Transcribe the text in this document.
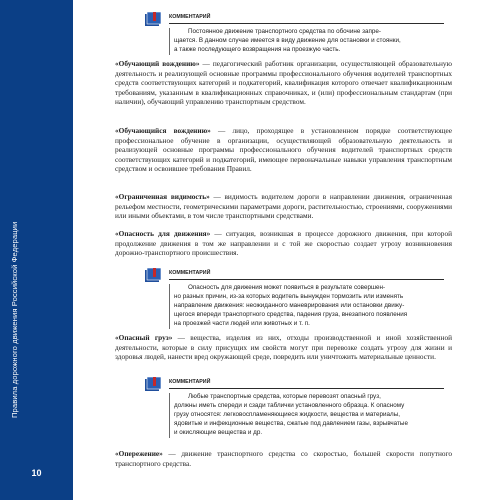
Правила дорожного движения Российской Федерации
10
КОММЕНТАРИЙ
Постоянное движение транспортного средства по обочине запре-
щается. В данном случае имеется в виду движение для остановки и стоянки,
а также последующего возвращения на проезжую часть.

«Обучающий вождению» — педагогический работник организации, осуществляющей образовательную деятельность и реализующей основные программы профессионального обучения водителей транспортных средств соответствующих категорий и подкатегорий, квалификация которого отвечает квалификационным требованиям, указанным в квалификационных справочниках, и (или) профессиональным стандартам (при наличии), обучающий управлению транспортным средством.

«Обучающийся вождению» — лицо, проходящее в установленном порядке соответствующее профессиональное обучение в организации, осуществляющей образовательную деятельность и реализующей основные программы профессионального обучения водителей транспортных средств соответствующих категорий и подкатегорий, имеющее первоначальные навыки управления транспортным средством и освоившее требования Правил.

«Ограниченная видимость» — видимость водителем дороги в направлении движения, ограниченная рельефом местности, геометрическими параметрами дороги, растительностью, строениями, сооружениями или иными объектами, в том числе транспортными средствами.

«Опасность для движения» — ситуация, возникшая в процессе дорожного движения, при которой продолжение движения в том же направлении и с той же скоростью создает угрозу возникновения дорожно-транспортного происшествия.

КОММЕНТАРИЙ
Опасность для движения может появиться в результате совершен-
но разных причин, из-за которых водитель вынужден тормозить или изменять
направление движения: неожиданного маневрирования или остановки движу-
щегося впереди транспортного средства, падения груза, внезапного появления
на проезжей части людей или животных и т. п.

«Опасный груз» — вещества, изделия из них, отходы производственной и иной хозяйственной деятельности, которые в силу присущих им свойств могут при перевозке создать угрозу для жизни и здоровья людей, нанести вред окружающей среде, повредить или уничтожить материальные ценности.

КОММЕНТАРИЙ
Любые транспортные средства, которые перевозят опасный груз,
должны иметь спереди и сзади таблички установленного образца. К опасному
грузу относятся: легковоспламеняющиеся жидкости, вещества и материалы,
ядовитые и инфекционные вещества, сжатые под давлением газы, взрывчатые
и окисляющие вещества и др.

«Опережение» — движение транспортного средства со скоростью, большей скорости попутного транспортного средства.
